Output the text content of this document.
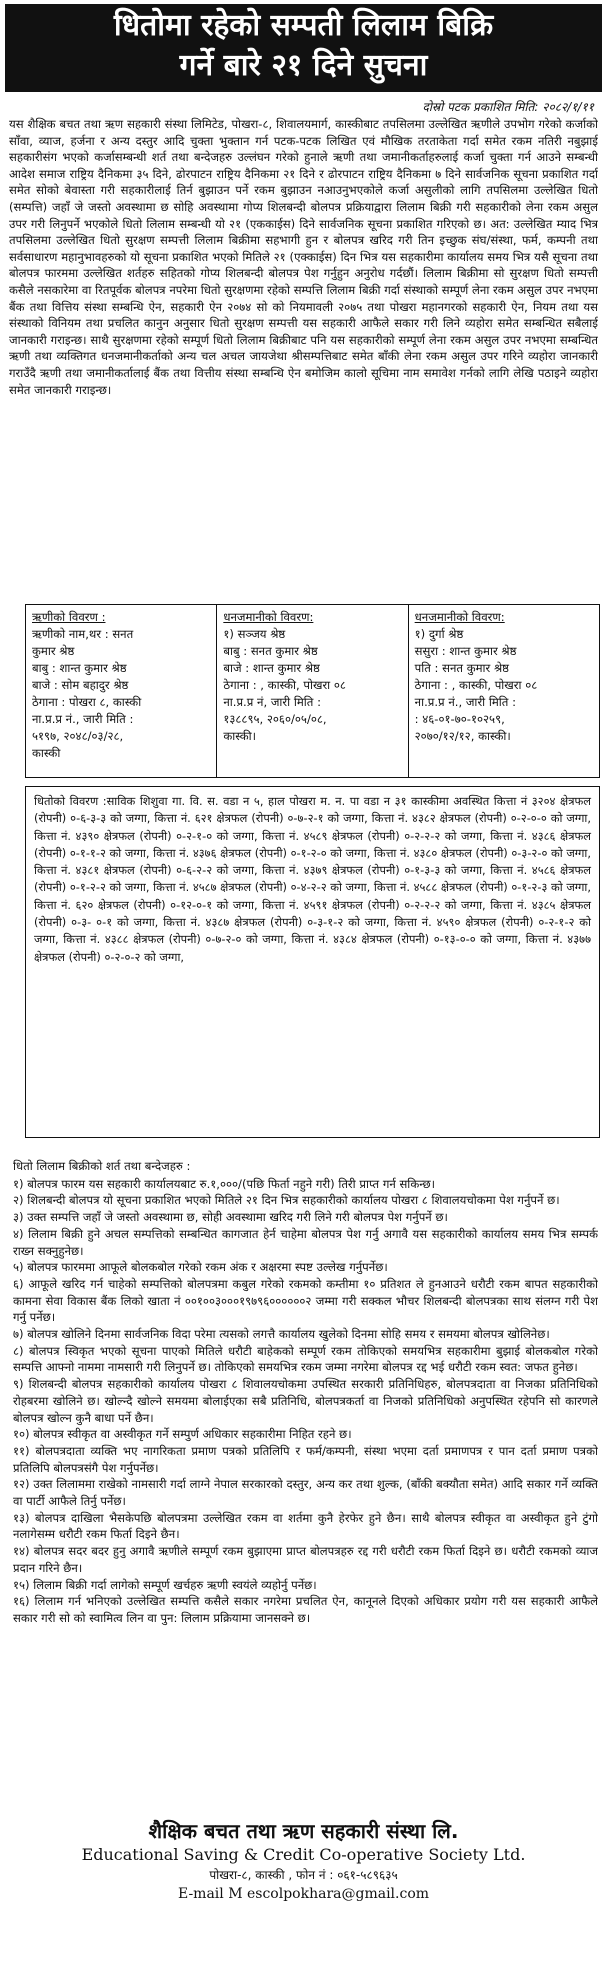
धितोमा रहेको सम्पती लिलाम बिक्रि
गर्ने बारे २१ दिने सुचना
दोस्रो पटक प्रकाशित मिति: २०८२/१/११
यस शैक्षिक बचत तथा ऋण सहकारी संस्था लिमिटेड, पोखरा-८, शिवालयमार्ग, कास्कीबाट तपसिलमा उल्लेखित ऋणीले उपभोग गरेको कर्जाको साँवा, व्याज, हर्जना र अन्य दस्तुर आदि चुक्ता भुक्तान गर्न पटक-पटक लिखित एवं मौखिक तरताकेता गर्दा समेत रकम नतिरी नबुझाई सहकारीसंग भएको कर्जासम्बन्धी शर्त तथा बन्देजहरु उल्लंघन गरेको हुनाले ऋणी तथा जमानीकर्ताहरुलाई कर्जा चुक्ता गर्न आउने सम्बन्धी आदेश समाज राष्ट्रिय दैनिकमा ३५ दिने, ढोरपाटन राष्ट्रिय दैनिकमा २१ दिने र ढोरपाटन राष्ट्रिय दैनिकमा ७ दिने सार्वजनिक सूचना प्रकाशित गर्दा समेत सोको बेवास्ता गरी सहकारीलाई तिर्न बुझाउन पर्ने रकम बुझाउन नआउनुभएकोले कर्जा असुलीको लागि तपसिलमा उल्लेखित धितो (सम्पत्ति) जहाँ जे जस्तो अवस्थामा छ सोहि अवस्थामा गोप्य शिलबन्दी बोलपत्र प्रक्रियाद्वारा लिलाम बिक्री गरी सहकारीको लेना रकम असुल उपर गरी लिनुपर्ने भएकोले धितो लिलाम सम्बन्धी यो २१ (एककाईस) दिने सार्वजनिक सूचना प्रकाशित गरिएको छ। अत: उल्लेखित म्याद भित्र तपसिलमा उल्लेखित धितो सुरक्षण सम्पत्ती लिलाम बिक्रीमा सहभागी हुन र बोलपत्र खरिद गरी तिन इच्छुक संघ/संस्था, फर्म, कम्पनी तथा सर्वसाधारण महानुभावहरुको यो सूचना प्रकाशित भएको मितिले २१ (एक्काईस) दिन भित्र यस सहकारीमा कार्यालय समय भित्र यसै सूचना तथा बोलपत्र फारममा उल्लेखित शर्तहरु सहितको गोप्य शिलबन्दी बोलपत्र पेश गर्नुहुन अनुरोध गर्दछौं। लिलाम बिक्रीमा सो सुरक्षण धितो सम्पत्ती कसैले नसकारेमा वा रितपूर्वक बोलपत्र नपरेमा धितो सुरक्षणमा रहेको सम्पत्ति लिलाम बिक्री गर्दा संस्थाको सम्पूर्ण लेना रकम असुल उपर नभएमा बैंक तथा वित्तिय संस्था सम्बन्धि ऐन, सहकारी ऐन २०७४ सो को नियमावली २०७५ तथा पोखरा महानगरको सहकारी ऐन, नियम तथा यस संस्थाको विनियम तथा प्रचलित कानुन अनुसार धितो सुरक्षण सम्पत्ती यस सहकारी आफैले सकार गरी लिने व्यहोरा समेत सम्बन्धित सबैलाई जानकारी गराइन्छ। साथै सुरक्षणमा रहेको सम्पूर्ण धितो लिलाम बिक्रीबाट पनि यस सहकारीको सम्पूर्ण लेना रकम असुल उपर नभएमा सम्बन्धित ऋणी तथा व्यक्तिगत धनजमानीकर्ताको अन्य चल अचल जायजेथा श्रीसम्पत्तिबाट समेत बाँकी लेना रकम असुल उपर गरिने व्यहोरा जानकारी गराउँदै ऋणी तथा जमानीकर्तालाई बैंक तथा वित्तीय संस्था सम्बन्धि ऐन बमोजिम कालो सूचिमा नाम समावेश गर्नको लागि लेखि पठाइने व्यहोरा समेत जानकारी गराइन्छ।
ऋणीको विवरण :
ऋणीको नाम,थर : सनत
कुमार श्रेष्ठ
बाबु : शान्त कुमार श्रेष्ठ
बाजे : सोम बहादुर श्रेष्ठ
ठेगाना : पोखरा ८, कास्की
ना.प्र.प्र नं., जारी मिति :
५१९७, २०४८/०३/२८,
कास्की
धनजमानीको विवरण:
१) सञ्जय श्रेष्ठ
बाबु : सनत कुमार श्रेष्ठ
बाजे : शान्त कुमार श्रेष्ठ
ठेगाना : , कास्की, पोखरा ०८
ना.प्र.प्र नं, जारी मिति :
१३८८९५, २०६०/०५/०८,
कास्की।
धनजमानीको विवरण:
१) दुर्गा श्रेष्ठ
ससुरा : शान्त कुमार श्रेष्ठ
पति : सनत कुमार श्रेष्ठ
ठेगाना : , कास्की, पोखरा ०८
ना.प्र.प्र नं., जारी मिति :
: ४६-०१-७०-१०२५९,
२०७०/१२/१२, कास्की।
धितोको विवरण :साविक शिशुवा गा. वि. स. वडा न ५, हाल पोखरा म. न. पा वडा न ३१ कास्कीमा अवस्थित कित्ता नं ३२०४ क्षेत्रफल (रोपनी) ०-६-३-३ को जग्गा, कित्ता नं. ६२१ क्षेत्रफल (रोपनी) ०-७-२-१ को जग्गा, कित्ता नं. ४३८२ क्षेत्रफल (रोपनी) ०-२-०-० को जग्गा, कित्ता नं. ४३९० क्षेत्रफल (रोपनी) ०-२-१-० को जग्गा, कित्ता नं. ४५८९ क्षेत्रफल (रोपनी) ०-२-२-२ को जग्गा, कित्ता नं. ४३८६ क्षेत्रफल (रोपनी) ०-१-१-२ को जग्गा, कित्ता नं. ४३७६ क्षेत्रफल (रोपनी) ०-१-२-० को जग्गा, कित्ता नं. ४३८० क्षेत्रफल (रोपनी) ०-३-२-० को जग्गा, कित्ता नं. ४३८१ क्षेत्रफल (रोपनी) ०-६-२-२ को जग्गा, कित्ता नं. ४३७९ क्षेत्रफल (रोपनी) ०-१-३-३ को जग्गा, कित्ता नं. ४५८६ क्षेत्रफल (रोपनी) ०-१-२-२ को जग्गा, कित्ता नं. ४५८७ क्षेत्रफल (रोपनी) ०-४-२-२ को जग्गा, कित्ता नं. ४५८८ क्षेत्रफल (रोपनी) ०-१-२-३ को जग्गा, कित्ता नं. ६२० क्षेत्रफल (रोपनी) ०-१२-०-१ को जग्गा, कित्ता नं. ४५९१ क्षेत्रफल (रोपनी) ०-२-२-२ को जग्गा, कित्ता नं. ४३८५ क्षेत्रफल (रोपनी) ०-३- ०-१ को जग्गा, कित्ता नं. ४३८७ क्षेत्रफल (रोपनी) ०-३-१-२ को जग्गा, कित्ता नं. ४५९० क्षेत्रफल (रोपनी) ०-२-१-२ को जग्गा, कित्ता नं. ४३८८ क्षेत्रफल (रोपनी) ०-७-२-० को जग्गा, कित्ता नं. ४३८४ क्षेत्रफल (रोपनी) ०-१३-०-० को जग्गा, कित्ता नं. ४३७७ क्षेत्रफल (रोपनी) ०-२-०-२ को जग्गा,
धितो लिलाम बिक्रीको शर्त तथा बन्देजहरु :
१) बोलपत्र फारम यस सहकारी कार्यालयबाट रु.१,०००/(पछि फिर्ता नहुने गरी) तिरी प्राप्त गर्न सकिन्छ।
२) शिलबन्दी बोलपत्र यो सूचना प्रकाशित भएको मितिले २१ दिन भित्र सहकारीको कार्यालय पोखरा ८ शिवालयचोकमा पेश गर्नुपर्ने छ।
३) उक्त सम्पत्ति जहाँ जे जस्तो अवस्थामा छ, सोही अवस्थामा खरिद गरी लिने गरी बोलपत्र पेश गर्नुपर्ने छ।
४) लिलाम बिक्री हुने अचल सम्पत्तिको सम्बन्धित कागजात हेर्न चाहेमा बोलपत्र पेश गर्नु अगावै यस सहकारीको कार्यालय समय भित्र सम्पर्क राख्न सक्नुहुनेछ।
५) बोलपत्र फारममा आफूले बोलकबोल गरेको रकम अंक र अक्षरमा स्पष्ट उल्लेख गर्नुपर्नेछ।
६) आफूले खरिद गर्न चाहेको सम्पत्तिको बोलपत्रमा कबुल गरेको रकमको कम्तीमा १० प्रतिशत ले हुनआउने धरौटी रकम बापत सहकारीको कामना सेवा विकास बैंक लिको खाता नं ००१००३०००१९७९६००००००२ जम्मा गरी सक्कल भौचर शिलबन्दी बोलपत्रका साथ संलग्न गरी पेश गर्नु पर्नेछ।
७) बोलपत्र खोलिने दिनमा सार्वजनिक विदा परेमा त्यसको लगत्तै कार्यालय खुलेको दिनमा सोहि समय र समयमा बोलपत्र खोलिनेछ।
८) बोलपत्र स्विकृत भएको सूचना पाएको मितिले धरौटी बाहेकको सम्पूर्ण रकम तोकिएको समयभित्र सहकारीमा बुझाई बोलकबोल गरेको सम्पत्ति आफ्नो नाममा नामसारी गरी लिनुपर्ने छ। तोकिएको समयभित्र रकम जम्मा नगरेमा बोलपत्र रद्द भई धरौटी रकम स्वत: जफत हुनेछ।
९) शिलबन्दी बोलपत्र सहकारीको कार्यालय पोखरा ८ शिवालयचोकमा उपस्थित सरकारी प्रतिनिधिहरु, बोलपत्रदाता वा निजका प्रतिनिधिको रोहबरमा खोलिने छ। खोल्न्दै खोल्ने समयमा बोलाईएका सबै प्रतिनिधि, बोलपत्रकर्ता वा निजको प्रतिनिधिको अनुपस्थित रहेपनि सो कारणले बोलपत्र खोल्न कुनै बाधा पर्ने छैन।
१०) बोलपत्र स्वीकृत वा अस्वीकृत गर्ने सम्पुर्ण अधिकार सहकारीमा निहित रहने छ।
११) बोलपत्रदाता व्यक्ति भए नागरिकता प्रमाण पत्रको प्रतिलिपि र फर्म/कम्पनी, संस्था भएमा दर्ता प्रमाणपत्र र पान दर्ता प्रमाण पत्रको प्रतिलिपि बोलपत्रसंगै पेश गर्नुपर्नेछ।
१२) उक्त लिलाममा राखेको नामसारी गर्दा लाग्ने नेपाल सरकारको दस्तुर, अन्य कर तथा शुल्क, (बाँकी बक्यौता समेत) आदि सकार गर्ने व्यक्ति वा पार्टी आफैले तिर्नु पर्नेछ।
१३) बोलपत्र दाखिला भैसकेपछि बोलपत्रमा उल्लेखित रकम वा शर्तमा कुनै हेरफेर हुने छैन। साथै बोलपत्र स्वीकृत वा अस्वीकृत हुने टुंगो नलागेसम्म धरौटी रकम फिर्ता दिइने छैन।
१४) बोलपत्र सदर बदर हुनु अगावै ऋणीले सम्पूर्ण रकम बुझाएमा प्राप्त बोलपत्रहरु रद्द गरी धरौटी रकम फिर्ता दिइने छ। धरौटी रकमको व्याज प्रदान गरिने छैन।
१५) लिलाम बिक्री गर्दा लागेको सम्पूर्ण खर्चहरु ऋणी स्वयंले व्यहोर्नु पर्नेछ।
१६) लिलाम गर्न भनिएको उल्लेखित सम्पत्ति कसैले सकार नगरेमा प्रचलित ऐन, कानूनले दिएको अधिकार प्रयोग गरी यस सहकारी आफैले सकार गरी सो को स्वामित्व लिन वा पुन: लिलाम प्रक्रियामा जानसक्ने छ।
शैक्षिक बचत तथा ऋण सहकारी संस्था लि.
Educational Saving & Credit Co-operative Society Ltd.
पोखरा-८, कास्की , फोन नं : ०६१-५८९६३५
E-mail M escolpokhara@gmail.com
